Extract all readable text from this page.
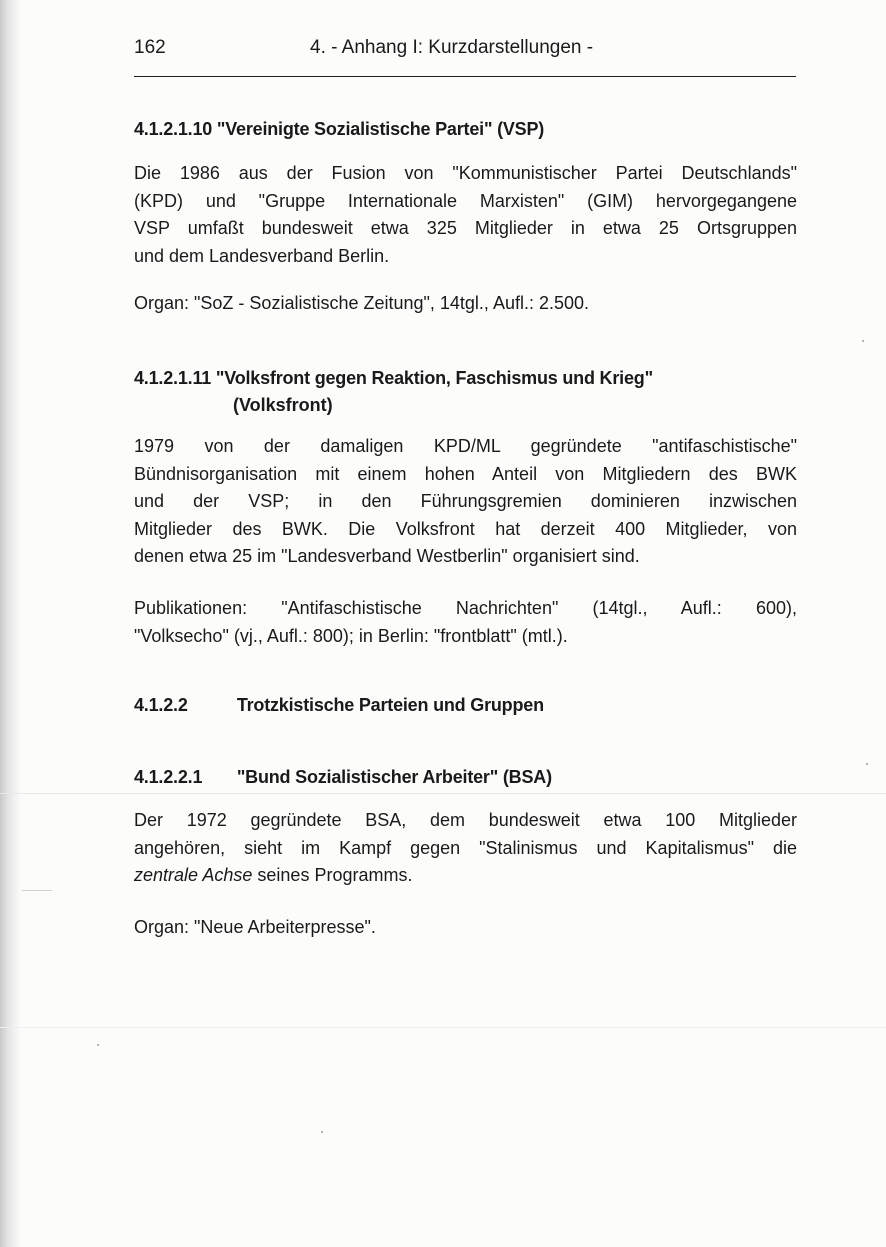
162	4. - Anhang I: Kurzdarstellungen -
4.1.2.1.10 "Vereinigte Sozialistische Partei" (VSP)
Die 1986 aus der Fusion von "Kommunistischer Partei Deutschlands"
(KPD) und "Gruppe Internationale Marxisten" (GIM) hervorgegangene
VSP umfaßt bundesweit etwa 325 Mitglieder in etwa 25 Ortsgruppen
und dem Landesverband Berlin.
Organ: "SoZ - Sozialistische Zeitung", 14tgl., Aufl.: 2.500.
4.1.2.1.11 "Volksfront gegen Reaktion, Faschismus und Krieg"
(Volksfront)
1979 von der damaligen KPD/ML gegründete "antifaschistische"
Bündnisorganisation mit einem hohen Anteil von Mitgliedern des BWK
und der VSP; in den Führungsgremien dominieren inzwischen
Mitglieder des BWK. Die Volksfront hat derzeit 400 Mitglieder, von
denen etwa 25 im "Landesverband Westberlin" organisiert sind.
Publikationen: "Antifaschistische Nachrichten" (14tgl., Aufl.: 600),
"Volksecho" (vj., Aufl.: 800); in Berlin: "frontblatt" (mtl.).
4.1.2.2	Trotzkistische Parteien und Gruppen
4.1.2.2.1 "Bund Sozialistischer Arbeiter" (BSA)
Der 1972 gegründete BSA, dem bundesweit etwa 100 Mitglieder
angehören, sieht im Kampf gegen "Stalinismus und Kapitalismus" die
zentrale Achse seines Programms.
Organ: "Neue Arbeiterpresse".
